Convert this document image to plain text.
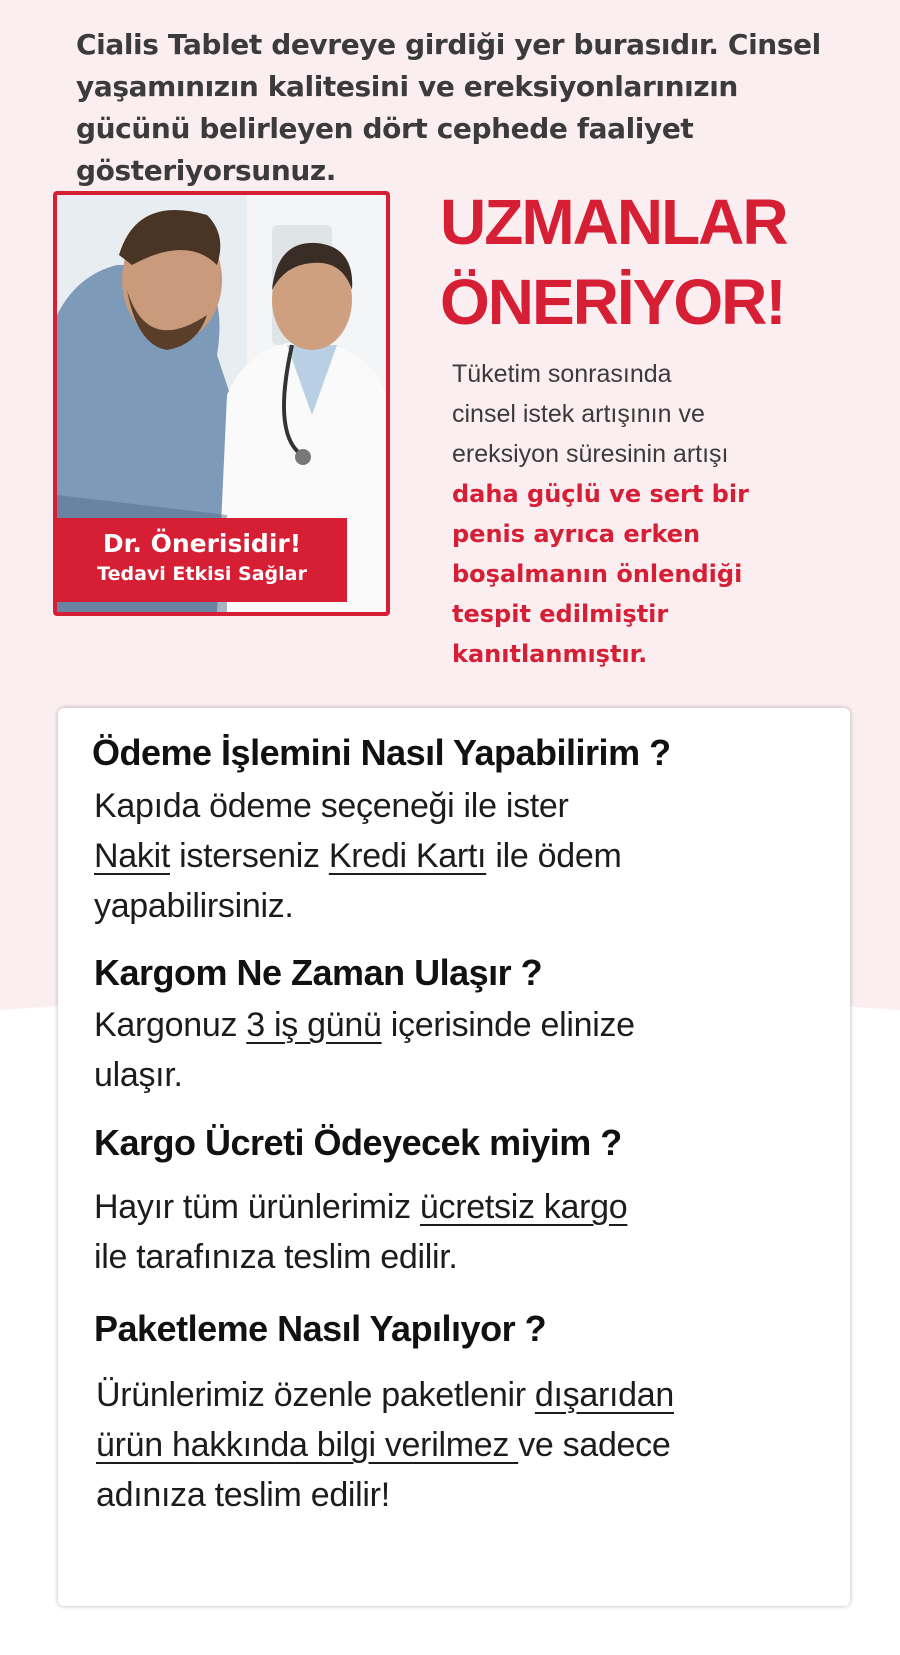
Cialis Tablet devreye girdiği yer burasıdır. Cinsel yaşamınızın kalitesini ve ereksiyonlarınızın gücünü belirleyen dört cephede faaliyet gösteriyorsunuz.

Dr. Önerisidir!
Tedavi Etkisi Sağlar
UZMANLAR
ÖNERİYOR!
Tüketim sonrasında
cinsel istek artışının ve
ereksiyon süresinin artışı
daha güçlü ve sert bir
penis ayrıca erken
boşalmanın önlendiği
tespit edilmiştir
kanıtlanmıştır.
Ödeme İşlemini Nasıl Yapabilirim ?

Kapıda ödeme seçeneği ile ister
Nakit isterseniz Kredi Kartı ile ödem
yapabilirsiniz.

Kargom Ne Zaman Ulaşır ?

Kargonuz 3 iş günü içerisinde elinize
ulaşır.

Kargo Ücreti Ödeyecek miyim ?

Hayır tüm ürünlerimiz ücretsiz kargo
ile tarafınıza teslim edilir.

Paketleme Nasıl Yapılıyor ?

Ürünlerimiz özenle paketlenir dışarıdan
ürün hakkında bilgi verilmez ve sadece
adınıza teslim edilir!
